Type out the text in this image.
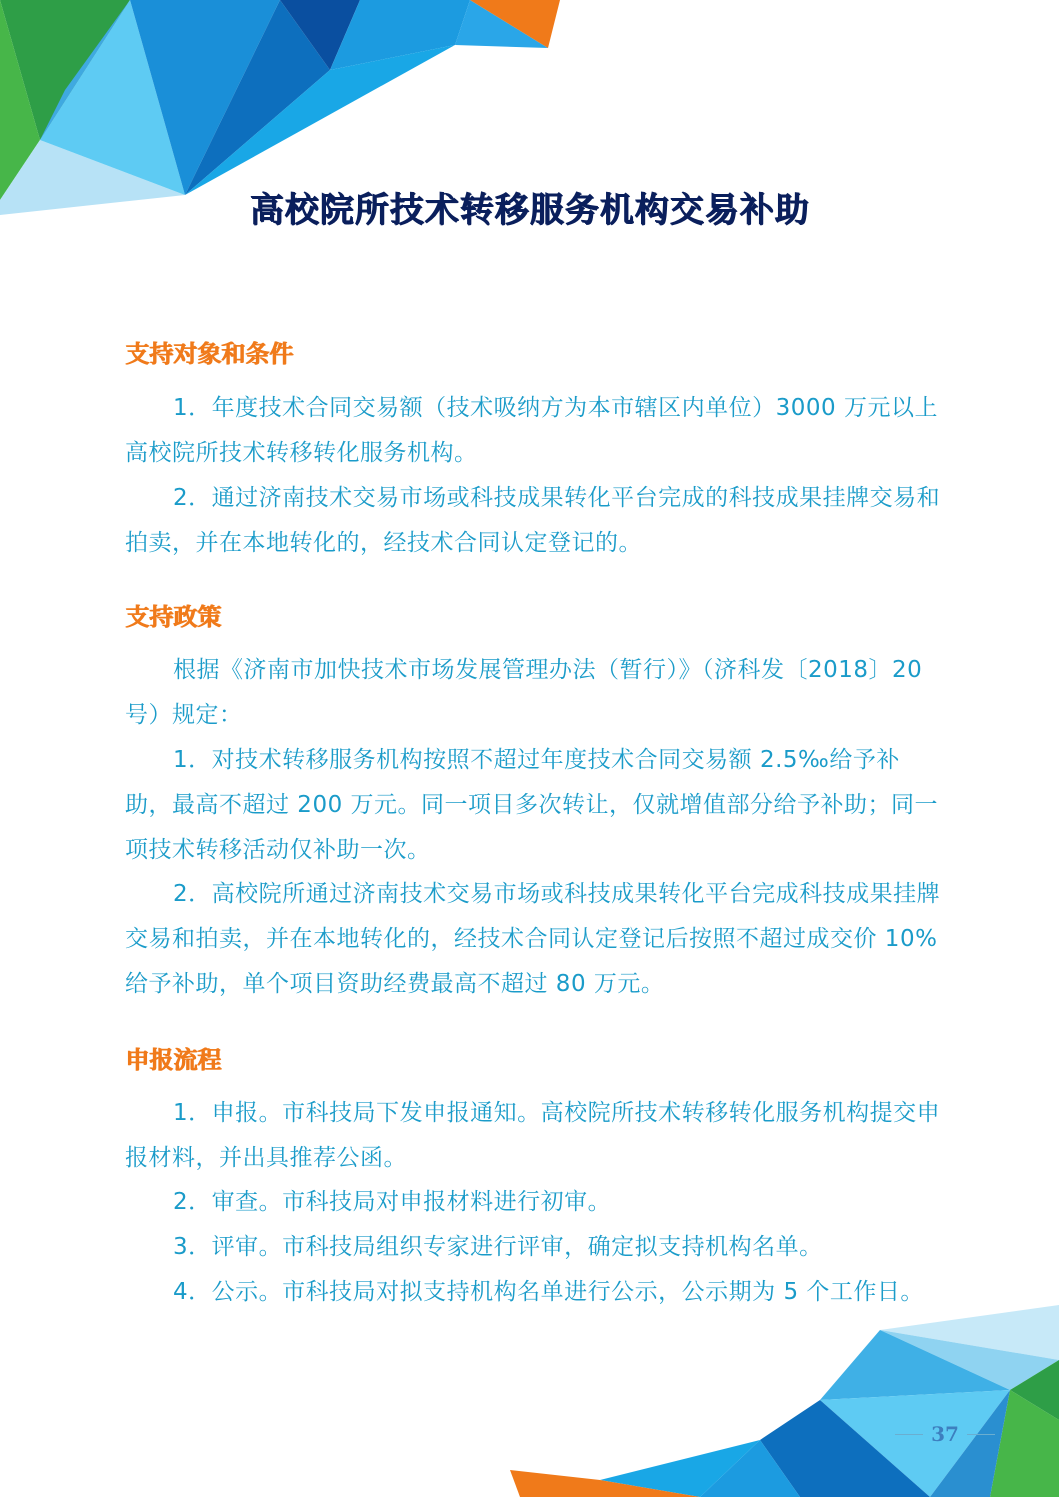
高校院所技术转移服务机构交易补助
支持对象和条件

1．年度技术合同交易额（技术吸纳方为本市辖区内单位）3000 万元以上高校院所技术转移转化服务机构。

2．通过济南技术交易市场或科技成果转化平台完成的科技成果挂牌交易和拍卖，并在本地转化的，经技术合同认定登记的。

支持政策

根据《济南市加快技术市场发展管理办法（暂行）》（济科发〔2018〕20 号）规定：

1．对技术转移服务机构按照不超过年度技术合同交易额 2.5‰给予补助，最高不超过 200 万元。同一项目多次转让，仅就增值部分给予补助；同一项技术转移活动仅补助一次。

2．高校院所通过济南技术交易市场或科技成果转化平台完成科技成果挂牌交易和拍卖，并在本地转化的，经技术合同认定登记后按照不超过成交价 10%给予补助，单个项目资助经费最高不超过 80 万元。

申报流程

1．申报。市科技局下发申报通知。高校院所技术转移转化服务机构提交申报材料，并出具推荐公函。

2．审查。市科技局对申报材料进行初审。

3．评审。市科技局组织专家进行评审，确定拟支持机构名单。

4．公示。市科技局对拟支持机构名单进行公示，公示期为 5 个工作日。

37
